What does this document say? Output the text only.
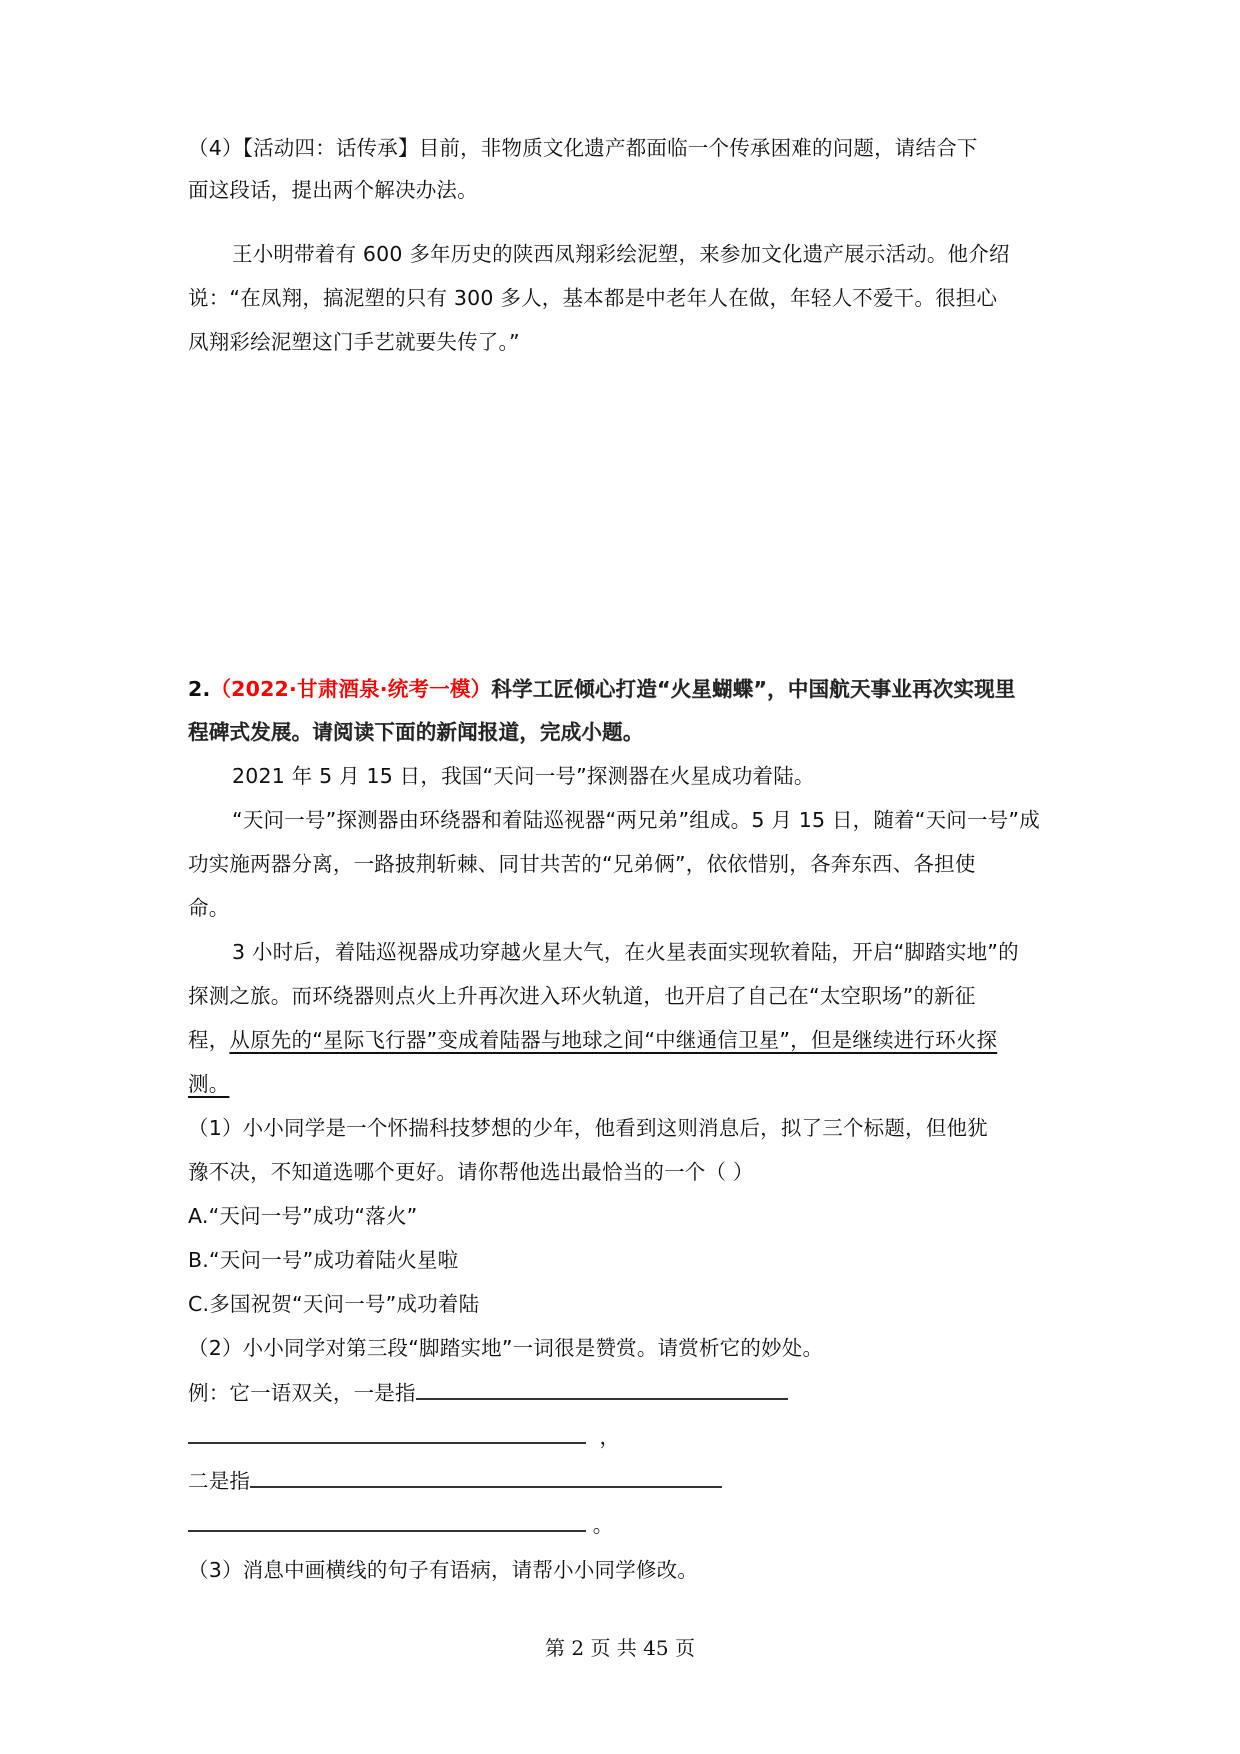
（4）【活动四：话传承】目前，非物质文化遗产都面临一个传承困难的问题，请结合下
面这段话，提出两个解决办法。
王小明带着有 600 多年历史的陕西凤翔彩绘泥塑，来参加文化遗产展示活动。他介绍
说：“在凤翔，搞泥塑的只有 300 多人，基本都是中老年人在做，年轻人不爱干。很担心
凤翔彩绘泥塑这门手艺就要失传了。”
2.（2022·甘肃酒泉·统考一模）科学工匠倾心打造“火星蝴蝶”，中国航天事业再次实现里
程碑式发展。请阅读下面的新闻报道，完成小题。
2021 年 5 月 15 日，我国“天问一号”探测器在火星成功着陆。
“天问一号”探测器由环绕器和着陆巡视器“两兄弟”组成。5 月 15 日，随着“天问一号”成
功实施两器分离，一路披荆斩棘、同甘共苦的“兄弟俩”，依依惜别，各奔东西、各担使
命。
3 小时后，着陆巡视器成功穿越火星大气，在火星表面实现软着陆，开启“脚踏实地”的
探测之旅。而环绕器则点火上升再次进入环火轨道，也开启了自己在“太空职场”的新征
程，从原先的“星际飞行器”变成着陆器与地球之间“中继通信卫星”，但是继续进行环火探
测。
（1）小小同学是一个怀揣科技梦想的少年，他看到这则消息后，拟了三个标题，但他犹
豫不决，不知道选哪个更好。请你帮他选出最恰当的一个（ ）
A.“天问一号”成功“落火”
B.“天问一号”成功着陆火星啦
C.多国祝贺“天问一号”成功着陆
（2）小小同学对第三段“脚踏实地”一词很是赞赏。请赏析它的妙处。
例：它一语双关，一是指
，
二是指
。
（3）消息中画横线的句子有语病，请帮小小同学修改。
第 2 页 共 45 页
